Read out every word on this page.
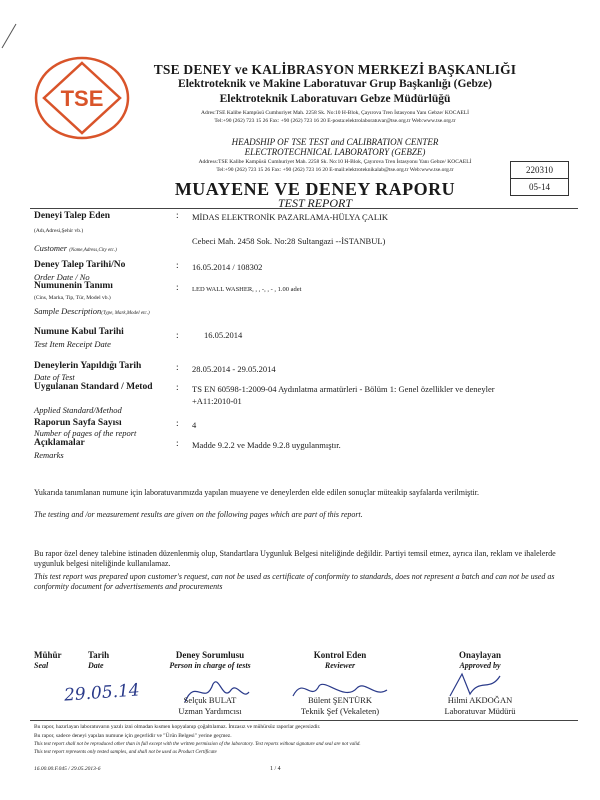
TSE
TSE DENEY ve KALİBRASYON MERKEZİ BAŞKANLIĞI
Elektroteknik ve Makine Laboratuvar Grup Başkanlığı (Gebze)
Elektroteknik Laboratuvarı Gebze Müdürlüğü
Adres:TSE Kalibe Kampüsü Cumhuriyet Mah. 2258 Sk. No:10 H-Blok, Çayırova Tren İstasyonu Yanı Gebze/ KOCAELİ
Tel:+90 (262) 723 15 26 Fax: +90 (262) 723 16 20 E-posta:elektrolaboratuvar@tse.org.tr Web:www.tse.org.tr
HEADSHIP OF TSE TEST and CALIBRATION CENTER
ELECTROTECHNICAL LABORATORY (GEBZE)
Address:TSE Kalibe Kampüsü Cumhuriyet Mah. 2258 Sk. No:10 H-Blok, Çayırova Tren İstasyonu Yanı Gebze/ KOCAELİ
Tel:+90 (262) 723 15 26 Fax: +90 (262) 723 16 20 E-mail:elektroteknikalab@tse.org.tr Web:www.tse.org.tr	220310
05-14
MUAYENE VE DENEY RAPORU
TEST REPORT
Deneyi Talep Eden
(Adı,Adresi,Şehir vb.)
Customer (Name,Adress,City etc.)
: MİDAS ELEKTRONİK PAZARLAMA-HÜLYA ÇALIK
Cebeci Mah. 2458 Sok. No:28 Sultangazi --İSTANBUL)
Deney Talep Tarihi/No
Order Date / No
: 16.05.2014 / 108302
Numunenin Tanımı
(Cins, Marka, Tip, Tür, Model vb.)
Sample Description(Type, Mark,Model etc.)
: LED WALL WASHER, , , -, , - , 1.00 adet
Numune Kabul Tarihi
Test Item Receipt Date
:	16.05.2014
Deneylerin Yapıldığı Tarih
Date of Test
: 28.05.2014 - 29.05.2014
Uygulanan Standard / Metod : TS EN 60598-1:2009-04 Aydınlatma armatürleri - Bölüm 1: Genel özellikler ve deneyler
+A11:2010-01
Applied Standard/Method
Raporun Sayfa Sayısı
Number of pages of the report
: 4
Açıklamalar
Remarks
: Madde 9.2.2 ve Madde 9.2.8 uygulanmıştır.
Yukarıda tanımlanan numune için laboratuvarımızda yapılan muayene ve deneylerden elde edilen sonuçlar müteakip sayfalarda verilmiştir.
The testing and /or measurement results are given on the following pages which are part of this report.
Bu rapor özel deney talebine istinaden düzenlenmiş olup, Standartlara Uygunluk Belgesi niteliğinde değildir. Partiyi temsil etmez, ayrıca ilan, reklam ve ihalelerde uygunluk belgesi niteliğinde kullanılamaz.
This test report was prepared upon customer's request, can not be used as certificate of conformity to standards, does not represent a batch and can not be used as conformity document for advertisements and procurements
Mühür
Seal
Tarih
Date
29.05.14
Deney Sorumlusu
Person in charge of tests
Selçuk BULAT
Uzman Yardımcısı
Kontrol Eden
Reviewer
Bülent ŞENTÜRK
Teknik Şef (Vekaleten)
Onaylayan
Approved by
Hilmi AKDOĞAN
Laboratuvar Müdürü
Bu rapor, hazırlayan laboratuvarın yazılı izni olmadan kısmen kopyalanıp çoğaltılamaz. İmzasız ve mühürsüz raporlar geçersizdir.
Bu rapor, sadece deneyi yapılan numune için geçerlidir ve "Ürün Belgesi" yerine geçmez.
This test report shall not be reproduced other than in full except with the written permission of the laboratory. Test reports without signature and seal are not valid.
This test report represents only tested samples, and shall not be used as Product Certificate
16.00.00.F.045 / 29.05.2013-6	1 / 4
